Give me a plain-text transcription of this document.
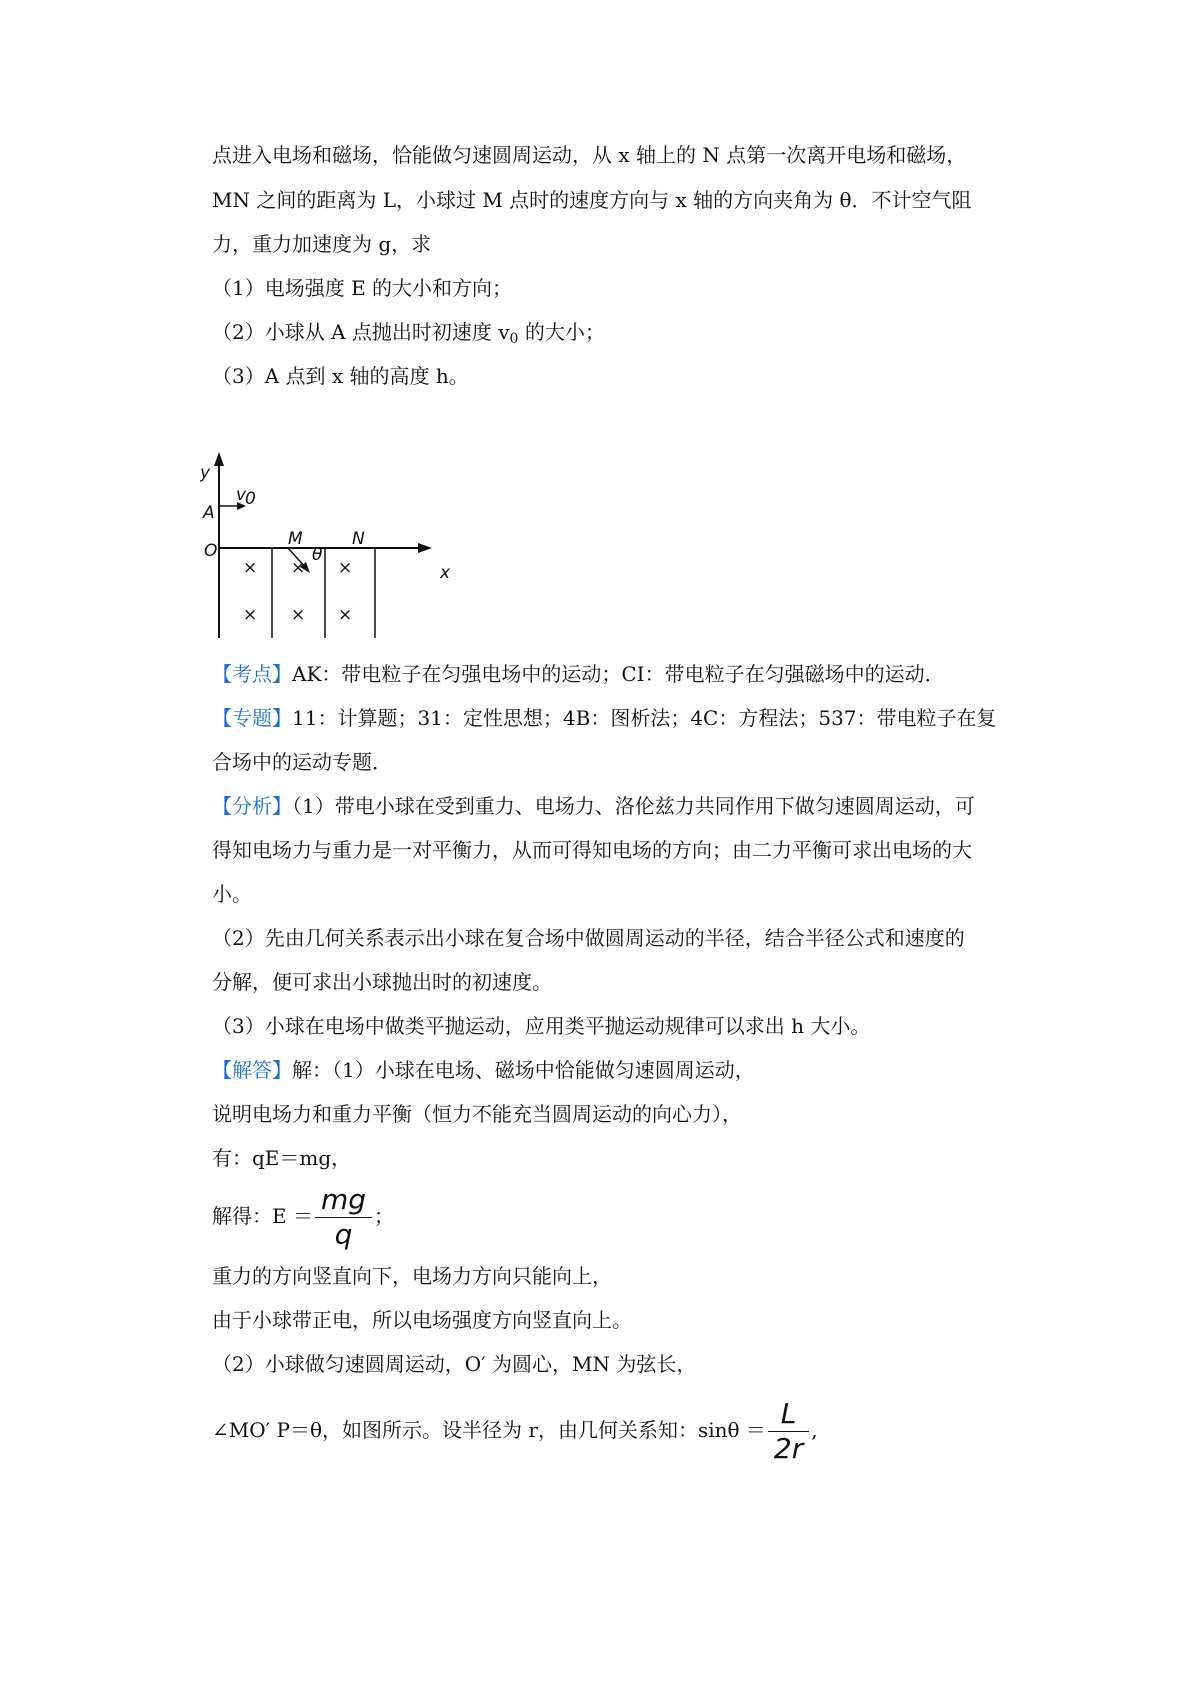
点进入电场和磁场，恰能做匀速圆周运动，从 x 轴上的 N 点第一次离开电场和磁场，
MN 之间的距离为 L，小球过 M 点时的速度方向与 x 轴的方向夹角为 θ．不计空气阻
力，重力加速度为 g，求
（1）电场强度 E 的大小和方向；
（2）小球从 A 点抛出时初速度 $v_0$ 的大小；
（3）A 点到 x 轴的高度 h。
× × ×
× × ×
y
A
O
v
0
M	N
θ
x
【考点】AK：带电粒子在匀强电场中的运动；CI：带电粒子在匀强磁场中的运动．
【专题】11：计算题；31：定性思想；4B：图析法；4C：方程法；537：带电粒子在复
合场中的运动专题．
【分析】（1）带电小球在受到重力、电场力、洛伦兹力共同作用下做匀速圆周运动，可
得知电场力与重力是一对平衡力，从而可得知电场的方向；由二力平衡可求出电场的大
小。
（2）先由几何关系表示出小球在复合场中做圆周运动的半径，结合半径公式和速度的
分解，便可求出小球抛出时的初速度。
（3）小球在电场中做类平抛运动，应用类平抛运动规律可以求出 h 大小。
【解答】解：（1）小球在电场、磁场中恰能做匀速圆周运动，
说明电场力和重力平衡（恒力不能充当圆周运动的向心力），
有：qE＝mg，
解得：$E = \frac{mg}{q}$ ；
重力的方向竖直向下，电场力方向只能向上，
由于小球带正电，所以电场强度方向竖直向上。
（2）小球做匀速圆周运动，O′ 为圆心，MN 为弦长，
∠MO′ P＝θ，如图所示。设半径为 r，由几何关系知：$\sin\theta = \frac{L}{2r}$ ,
